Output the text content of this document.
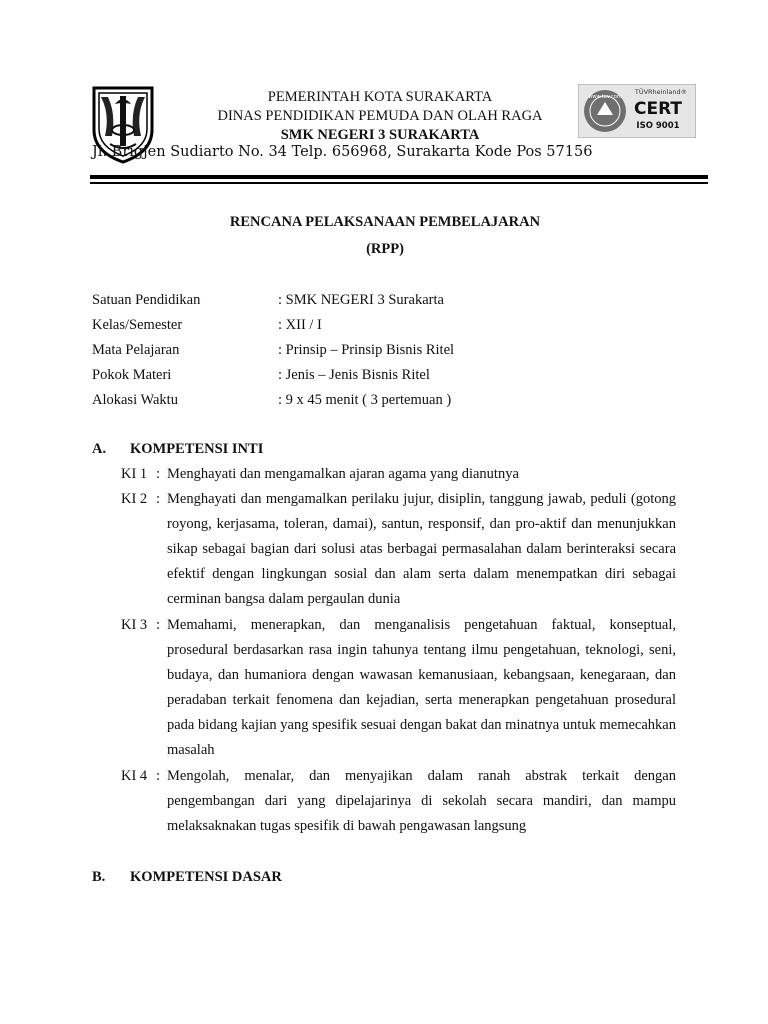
PEMERINTAH KOTA SURAKARTA
DINAS PENDIDIKAN PEMUDA DAN OLAH RAGA
SMK NEGERI 3 SURAKARTA
Jl. Brigjen Sudiarto No. 34 Telp. 656968, Surakarta Kode Pos 57156
www.tuv.com
TÜVRheinland®
CERT
ISO 9001
RENCANA PELAKSANAAN PEMBELAJARAN
(RPP)
Satuan Pendidikan	: SMK NEGERI 3 Surakarta
Kelas/Semester	: XII / I
Mata Pelajaran	: Prinsip – Prinsip Bisnis Ritel
Pokok Materi	: Jenis – Jenis Bisnis Ritel
Alokasi Waktu	: 9 x 45 menit ( 3 pertemuan )
A. KOMPETENSI INTI
KI 1 : Menghayati dan mengamalkan ajaran agama yang dianutnya
KI 2 : Menghayati dan mengamalkan perilaku jujur, disiplin, tanggung jawab, peduli (gotong royong, kerjasama, toleran, damai), santun, responsif, dan pro-aktif dan menunjukkan sikap sebagai bagian dari solusi atas berbagai permasalahan dalam berinteraksi secara efektif dengan lingkungan sosial dan alam serta dalam menempatkan diri sebagai cerminan bangsa dalam pergaulan dunia
KI 3 : Memahami, menerapkan, dan menganalisis pengetahuan faktual, konseptual, prosedural berdasarkan rasa ingin tahunya tentang ilmu pengetahuan, teknologi, seni, budaya, dan humaniora dengan wawasan kemanusiaan, kebangsaan, kenegaraan, dan peradaban terkait fenomena dan kejadian, serta menerapkan pengetahuan prosedural pada bidang kajian yang spesifik sesuai dengan bakat dan minatnya untuk memecahkan masalah
KI 4 : Mengolah, menalar, dan menyajikan dalam ranah abstrak terkait dengan pengembangan dari yang dipelajarinya di sekolah secara mandiri, dan mampu melaksaknakan tugas spesifik di bawah pengawasan langsung
B. KOMPETENSI DASAR
